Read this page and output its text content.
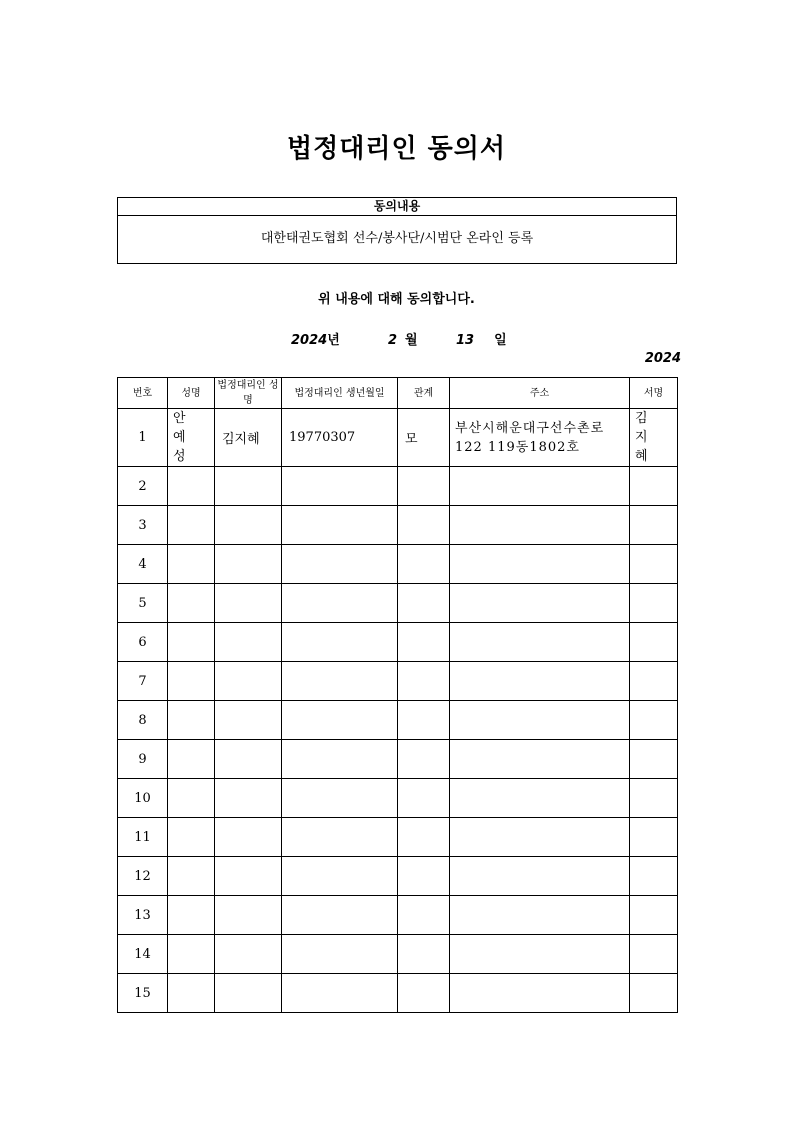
법정대리인 동의서
동의내용
대한태권도협회 선수/봉사단/시범단 온라인 등록
위 내용에 대해 동의합니다.
2024년	2 월	13 일
2024
번호	성명	법정대리인 성명	법정대리인 생년월일	관계	주소	서명
1	안 예 성	김지혜	19770307	모	부산시해운대구선수촌로 122 119동1802호	김 지 혜
2						
3						
4						
5						
6						
7						
8						
9						
10						
11						
12						
13						
14						
15						
